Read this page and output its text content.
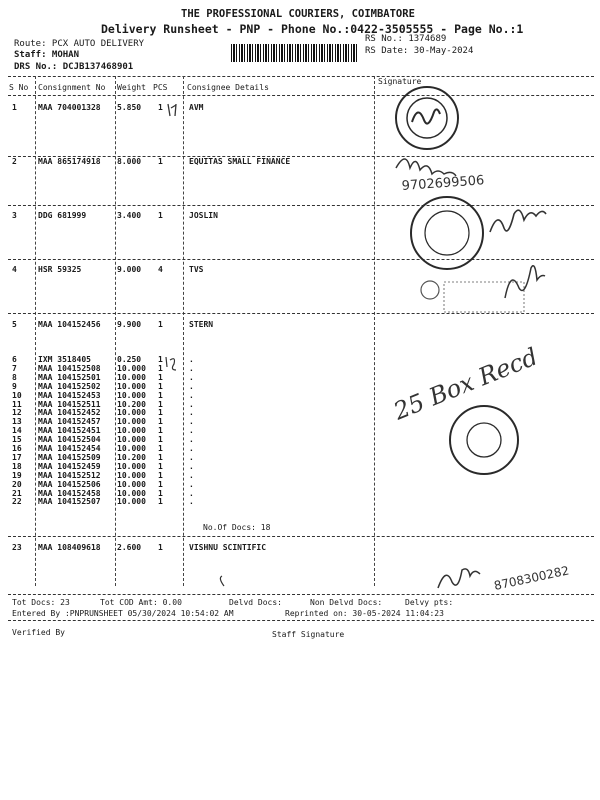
THE PROFESSIONAL COURIERS, COIMBATORE
Delivery Runsheet - PNP - Phone No.:0422-3505555 - Page No.:1
Route: PCX AUTO DELIVERY
Staff: MOHAN
DRS No.: DCJB137468901
RS No.: 1374689
RS Date: 30-May-2024
S No Consignment No Weight PCS Consignee Details
Signature
1	MAA 704001328 5.850 1	AVM
2	MAA 865174918 8.000 1	EQUITAS SMALL FINANCE
3	DDG 681999	3.400 1	JOSLIN
4	HSR 59325	9.000 4	TVS
5	MAA 104152456 9.900 1	STERN
6	IXM 3518405	0.250 1	.
7	MAA 104152508 10.000 1	.
8	MAA 104152501 10.000 1	.
9	MAA 104152502 10.000 1	.
10 MAA 104152453 10.000 1	.
11 MAA 104152511 10.200 1	.
12 MAA 104152452 10.000 1	.
13 MAA 104152457 10.000 1	.
14 MAA 104152451 10.000 1	.
15 MAA 104152504 10.000 1	.
16 MAA 104152454 10.000 1	.
17 MAA 104152509 10.200 1	.
18 MAA 104152459 10.000 1	.
19 MAA 104152512 10.000 1	.
20 MAA 104152506 10.000 1	.
21 MAA 104152458 10.000 1	.
22 MAA 104152507 10.000 1	.
No.Of Docs: 18
23 MAA 108409618 2.600 1	VISHNU SCINTIFIC
Tot Docs: 23	Tot COD Amt: 0.00	Delvd Docs:	Non Delvd Docs:	Delvy pts:
Entered By :PNPRUNSHEET 05/30/2024 10:54:02 AM	Reprinted on: 30-05-2024 11:04:23
Verified By	Staff Signature
9702699506
25 Box Recd
8708300282
